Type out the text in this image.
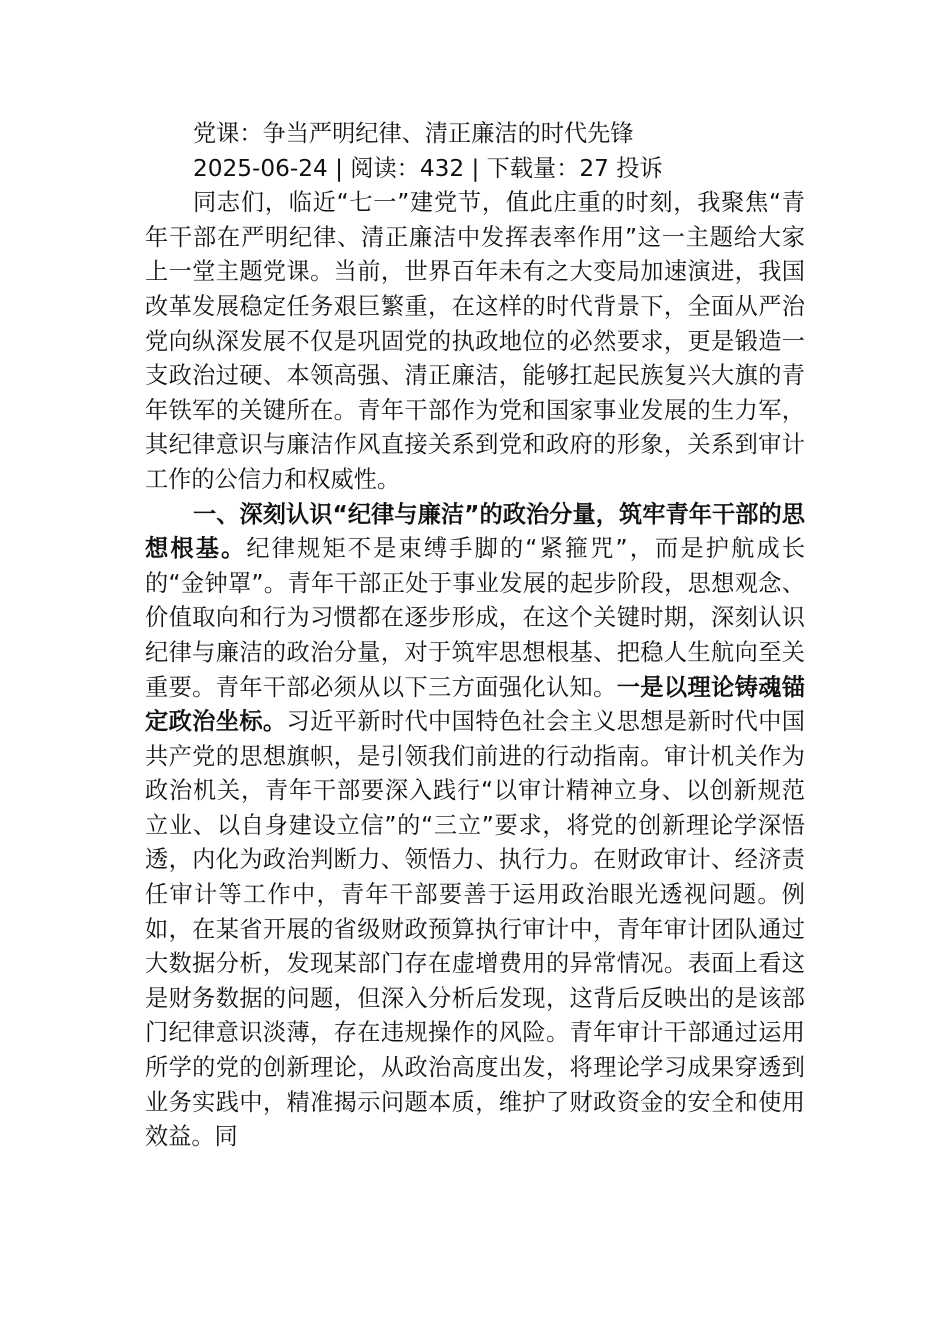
党课：争当严明纪律、清正廉洁的时代先锋

2025-06-24 | 阅读：432 | 下载量：27 投诉

同志们，临近“七一”建党节，值此庄重的时刻，我聚焦“青年干部在严明纪律、清正廉洁中发挥表率作用”这一主题给大家上一堂主题党课。当前，世界百年未有之大变局加速演进，我国改革发展稳定任务艰巨繁重，在这样的时代背景下，全面从严治党向纵深发展不仅是巩固党的执政地位的必然要求，更是锻造一支政治过硬、本领高强、清正廉洁，能够扛起民族复兴大旗的青年铁军的关键所在。青年干部作为党和国家事业发展的生力军，其纪律意识与廉洁作风直接关系到党和政府的形象，关系到审计工作的公信力和权威性。

一、深刻认识“纪律与廉洁”的政治分量，筑牢青年干部的思想根基。纪律规矩不是束缚手脚的“紧箍咒”，而是护航成长的“金钟罩”。青年干部正处于事业发展的起步阶段，思想观念、价值取向和行为习惯都在逐步形成，在这个关键时期，深刻认识纪律与廉洁的政治分量，对于筑牢思想根基、把稳人生航向至关重要。青年干部必须从以下三方面强化认知。一是以理论铸魂锚定政治坐标。习近平新时代中国特色社会主义思想是新时代中国共产党的思想旗帜，是引领我们前进的行动指南。审计机关作为政治机关，青年干部要深入践行“以审计精神立身、以创新规范立业、以自身建设立信”的“三立”要求，将党的创新理论学深悟透，内化为政治判断力、领悟力、执行力。在财政审计、经济责任审计等工作中，青年干部要善于运用政治眼光透视问题。例如，在某省开展的省级财政预算执行审计中，青年审计团队通过大数据分析，发现某部门存在虚增费用的异常情况。表面上看这是财务数据的问题，但深入分析后发现，这背后反映出的是该部门纪律意识淡薄，存在违规操作的风险。青年审计干部通过运用所学的党的创新理论，从政治高度出发，将理论学习成果穿透到业务实践中，精准揭示问题本质，维护了财政资金的安全和使用效益。同
